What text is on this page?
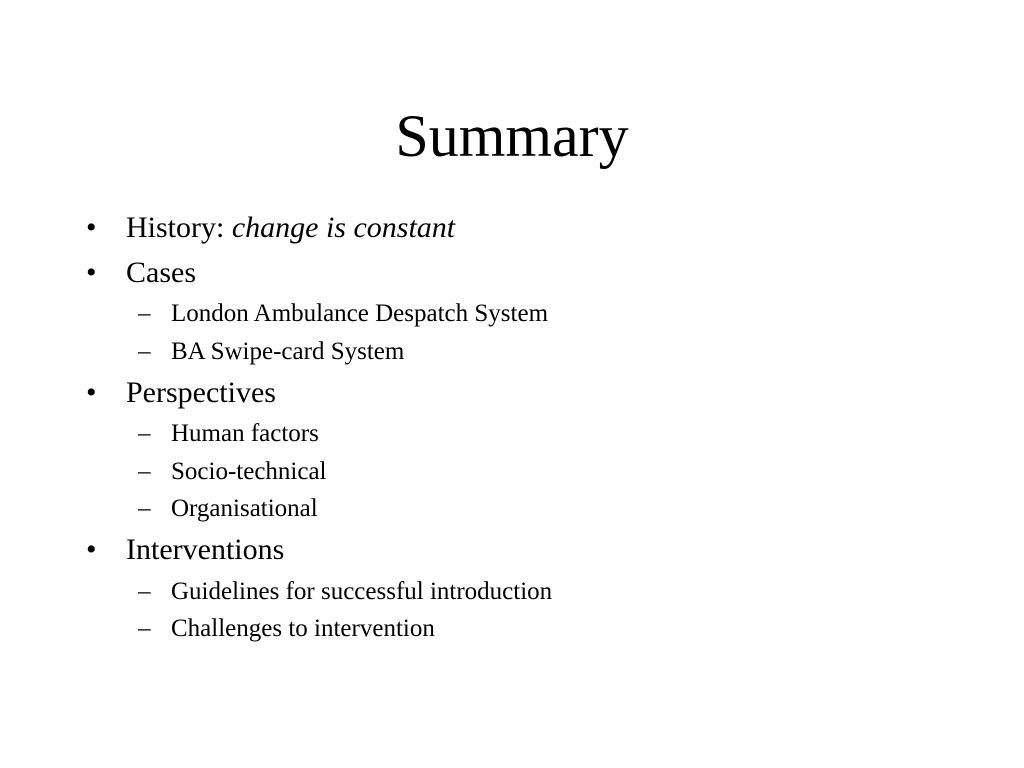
Summary
• History: change is constant
• Cases
– London Ambulance Despatch System
– BA Swipe-card System
• Perspectives
– Human factors
– Socio-technical
– Organisational
• Interventions
– Guidelines for successful introduction
– Challenges to intervention
